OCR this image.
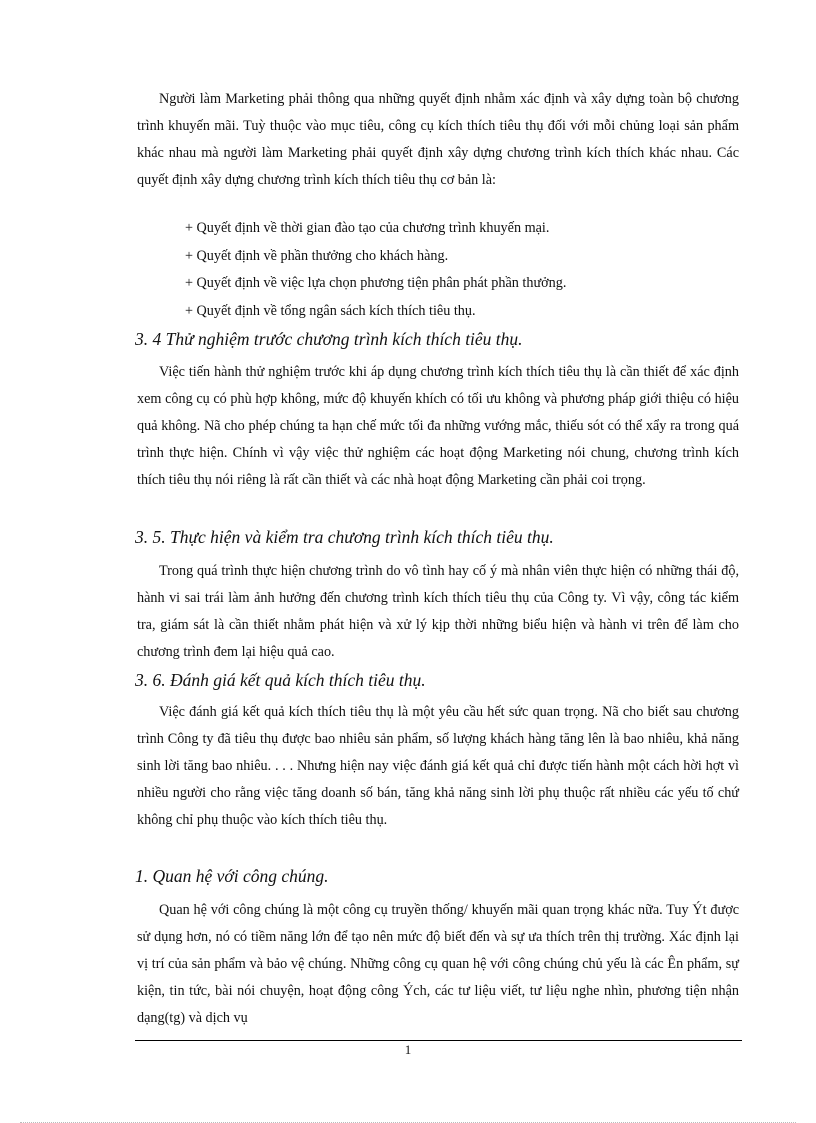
Người làm Marketing phải thông qua những quyết định nhằm xác định và xây dựng toàn bộ chương trình khuyến mãi. Tuỳ thuộc vào mục tiêu, công cụ kích thích tiêu thụ đối với mỗi chủng loại sản phẩm khác nhau mà người làm Marketing phải quyết định xây dựng chương trình kích thích khác nhau. Các quyết định xây dựng chương trình kích thích tiêu thụ cơ bản là:

+ Quyết định về thời gian đào tạo của chương trình khuyến mại.
+ Quyết định về phần thưởng cho khách hàng.
+ Quyết định về việc lựa chọn phương tiện phân phát phần thưởng.
+ Quyết định về tổng ngân sách kích thích tiêu thụ.
3. 4 Thử nghiệm trước chương trình kích thích tiêu thụ.

Việc tiến hành thử nghiệm trước khi áp dụng chương trình kích thích tiêu thụ là cần thiết để xác định xem công cụ có phù hợp không, mức độ khuyến khích có tối ưu không và phương pháp giới thiệu có hiệu quả không. Nã cho phép chúng ta hạn chế mức tối đa những vướng mắc, thiếu sót có thể xẩy ra trong quá trình thực hiện. Chính vì vậy việc thử nghiệm các hoạt động Marketing nói chung, chương trình kích thích tiêu thụ nói riêng là rất cần thiết và các nhà hoạt động Marketing cần phải coi trọng.

3. 5. Thực hiện và kiểm tra chương trình kích thích tiêu thụ.

Trong quá trình thực hiện chương trình do vô tình hay cố ý mà nhân viên thực hiện có những thái độ, hành vi sai trái làm ảnh hưởng đến chương trình kích thích tiêu thụ của Công ty. Vì vậy, công tác kiểm tra, giám sát là cần thiết nhằm phát hiện và xử lý kịp thời những biểu hiện và hành vi trên để làm cho chương trình đem lại hiệu quả cao.

3. 6. Đánh giá kết quả kích thích tiêu thụ.

Việc đánh giá kết quả kích thích tiêu thụ là một yêu cầu hết sức quan trọng. Nã cho biết sau chương trình Công ty đã tiêu thụ được bao nhiêu sản phẩm, số lượng khách hàng tăng lên là bao nhiêu, khả năng sinh lời tăng bao nhiêu. . . . Nhưng hiện nay việc đánh giá kết quả chỉ được tiến hành một cách hời hợt vì nhiều người cho rằng việc tăng doanh số bán, tăng khả năng sinh lời phụ thuộc rất nhiều các yếu tố chứ không chỉ phụ thuộc vào kích thích tiêu thụ.

1. Quan hệ với công chúng.

Quan hệ với công chúng là một công cụ truyền thống/ khuyến mãi quan trọng khác nữa. Tuy Ýt được sử dụng hơn, nó có tiềm năng lớn để tạo nên mức độ biết đến và sự ưa thích trên thị trường. Xác định lại vị trí của sản phẩm và bảo vệ chúng. Những công cụ quan hệ với công chúng chủ yếu là các Ên phẩm, sự kiện, tin tức, bài nói chuyện, hoạt động công Ých, các tư liệu viết, tư liệu nghe nhìn, phương tiện nhận dạng(tg) và dịch vụ

1
